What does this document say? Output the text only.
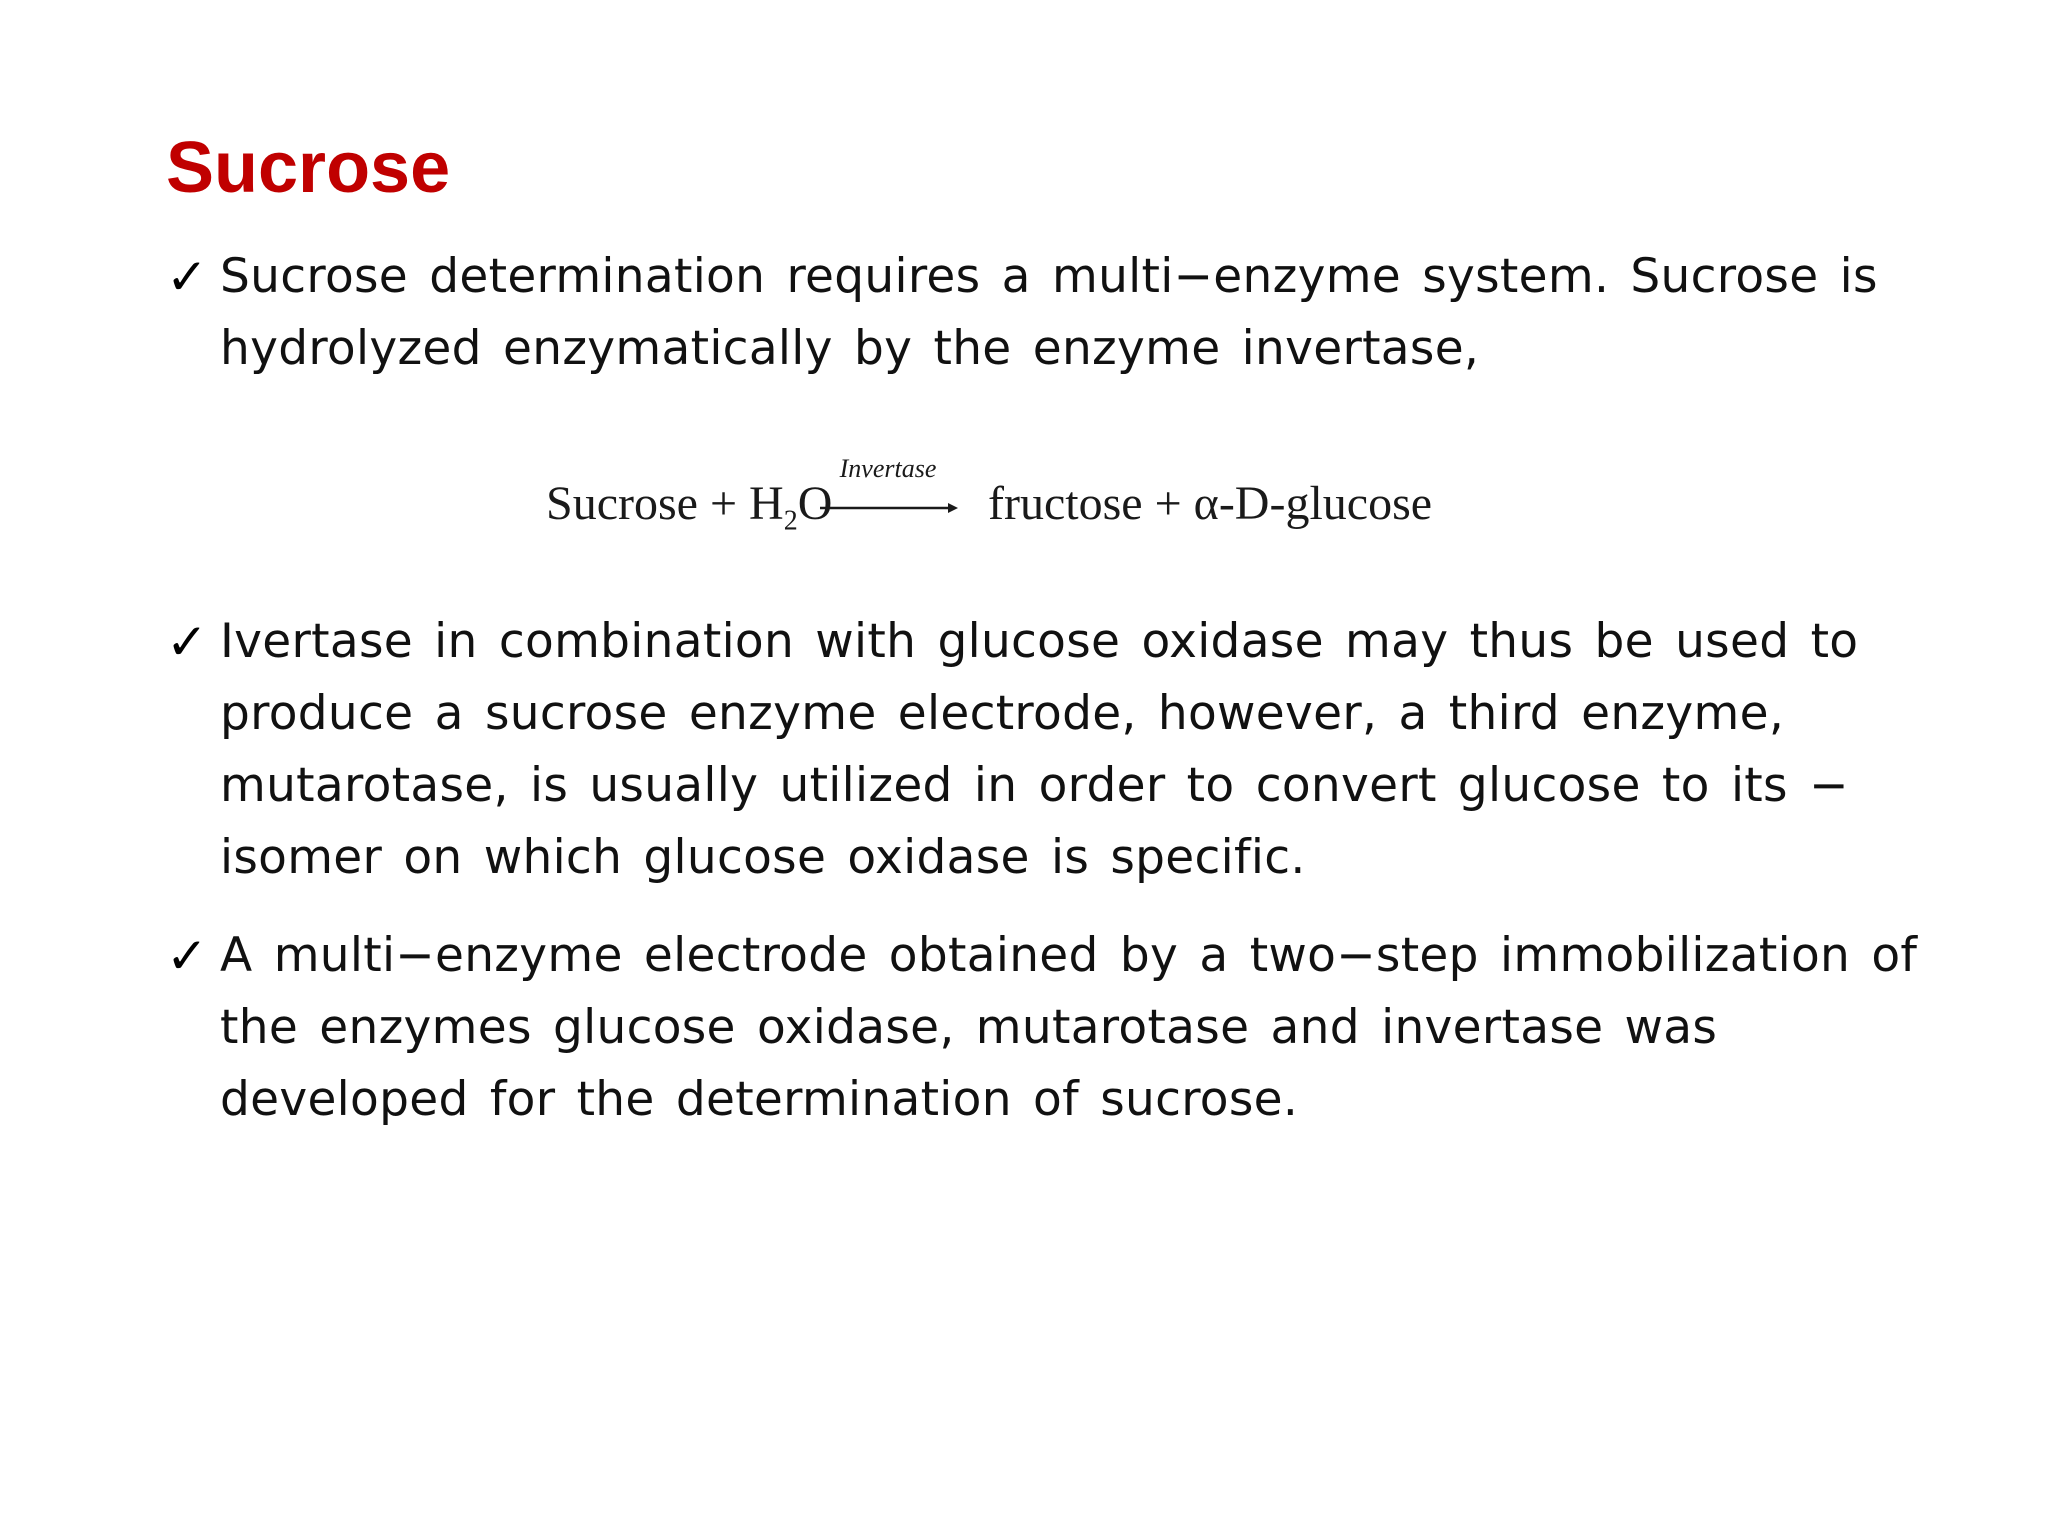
Sucrose
✓ Sucrose determination requires a multi−enzyme system. Sucrose is hydrolyzed enzymatically by the enzyme invertase,
Sucrose + $H_2O$
Invertase
fructose + α-D-glucose
✓ Ivertase in combination with glucose oxidase may thus be used to produce a sucrose enzyme electrode, however, a third enzyme, mutarotase, is usually utilized in order to convert glucose to its − isomer on which glucose oxidase is specific.
✓ A multi−enzyme electrode obtained by a two−step immobilization of the enzymes glucose oxidase, mutarotase and invertase was developed for the determination of sucrose.
